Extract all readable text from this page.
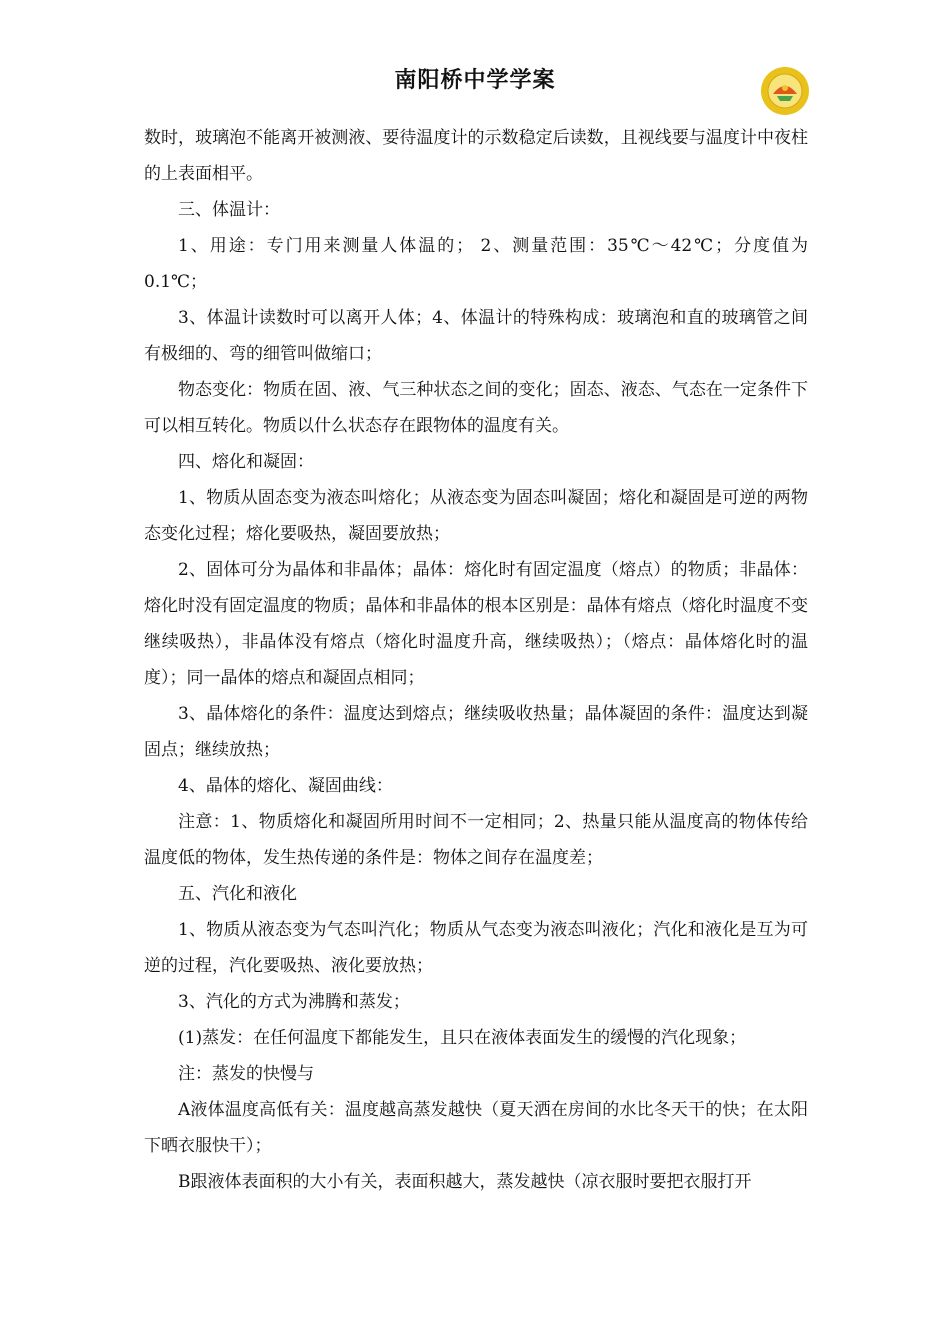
南阳桥中学学案

数时，玻璃泡不能离开被测液、要待温度计的示数稳定后读数，且视线要与温度计中夜柱的上表面相平。

三、体温计：

1、用途：专门用来测量人体温的； 2、测量范围：35℃～42℃；分度值为0.1℃；

3、体温计读数时可以离开人体；4、体温计的特殊构成：玻璃泡和直的玻璃管之间有极细的、弯的细管叫做缩口；

物态变化：物质在固、液、气三种状态之间的变化；固态、液态、气态在一定条件下可以相互转化。物质以什么状态存在跟物体的温度有关。

四、熔化和凝固：

1、物质从固态变为液态叫熔化；从液态变为固态叫凝固；熔化和凝固是可逆的两物态变化过程；熔化要吸热，凝固要放热；

2、固体可分为晶体和非晶体；晶体：熔化时有固定温度（熔点）的物质；非晶体：熔化时没有固定温度的物质；晶体和非晶体的根本区别是：晶体有熔点（熔化时温度不变继续吸热），非晶体没有熔点（熔化时温度升高，继续吸热）；（熔点：晶体熔化时的温度）；同一晶体的熔点和凝固点相同；

3、晶体熔化的条件：温度达到熔点；继续吸收热量；晶体凝固的条件：温度达到凝固点；继续放热；

4、晶体的熔化、凝固曲线：

注意：1、物质熔化和凝固所用时间不一定相同；2、热量只能从温度高的物体传给温度低的物体，发生热传递的条件是：物体之间存在温度差；

五、汽化和液化

1、物质从液态变为气态叫汽化；物质从气态变为液态叫液化；汽化和液化是互为可逆的过程，汽化要吸热、液化要放热；

3、汽化的方式为沸腾和蒸发；

(1)蒸发：在任何温度下都能发生，且只在液体表面发生的缓慢的汽化现象；

注：蒸发的快慢与

A液体温度高低有关：温度越高蒸发越快（夏天洒在房间的水比冬天干的快；在太阳下晒衣服快干）；

B跟液体表面积的大小有关，表面积越大，蒸发越快（凉衣服时要把衣服打开
